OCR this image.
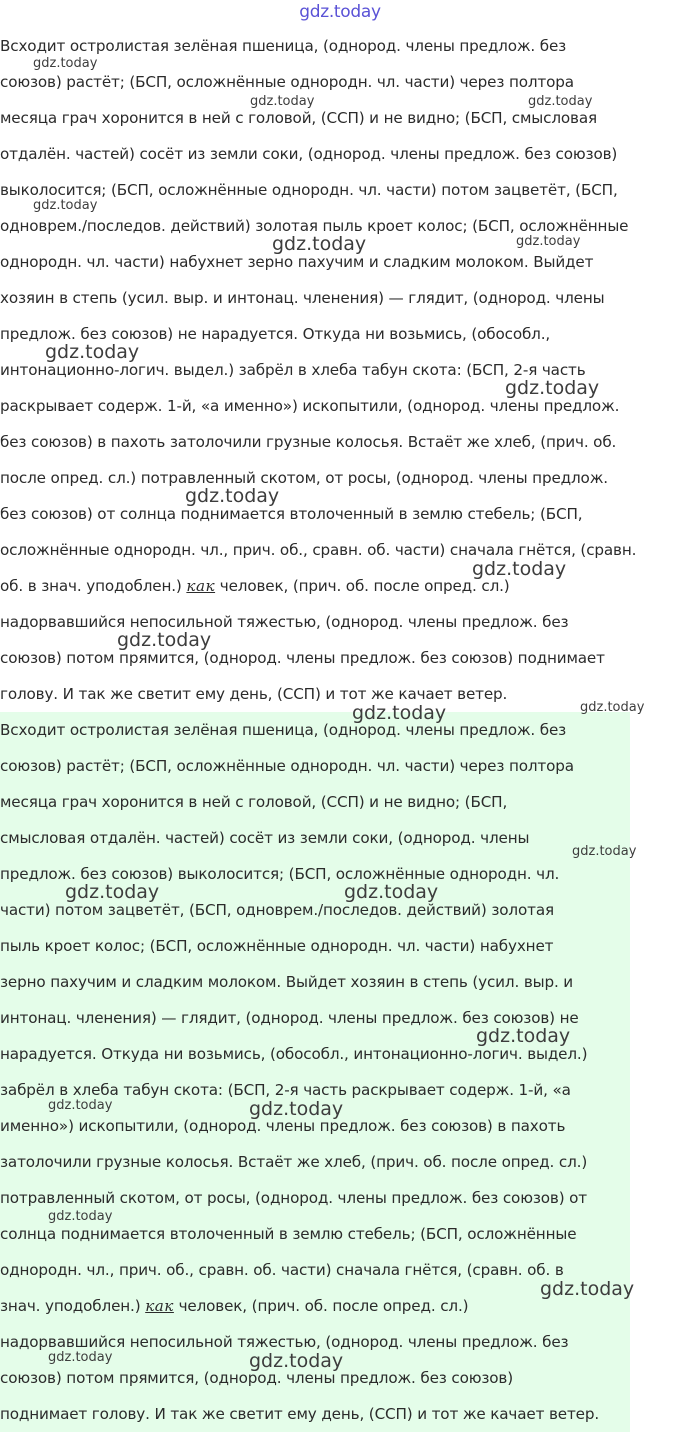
gdz.today
Всходит остролистая зелёная пшеница, (однород. члены предлож. без
союзов) растёт; (БСП, осложнённые однородн. чл. части) через полтора
месяца грач хоронится в ней с головой, (ССП) и не видно; (БСП, смысловая
отдалён. частей) сосёт из земли соки, (однород. члены предлож. без союзов)
выколосится; (БСП, осложнённые однородн. чл. части) потом зацветёт, (БСП,
одноврем./последов. действий) золотая пыль кроет колос; (БСП, осложнённые
однородн. чл. части) набухнет зерно пахучим и сладким молоком. Выйдет
хозяин в степь (усил. выр. и интонац. членения) — глядит, (однород. члены
предлож. без союзов) не нарадуется. Откуда ни возьмись, (обособл.,
интонационно-логич. выдел.) забрёл в хлеба табун скота: (БСП, 2-я часть
раскрывает содерж. 1-й, «а именно») ископытили, (однород. члены предлож.
без союзов) в пахоть затолочили грузные колосья. Встаёт же хлеб, (прич. об.
после опред. сл.) потравленный скотом, от росы, (однород. члены предлож.
без союзов) от солнца поднимается втолоченный в землю стебель; (БСП,
осложнённые однородн. чл., прич. об., сравн. об. части) сначала гнётся, (сравн.
об. в знач. уподоблен.) как человек, (прич. об. после опред. сл.)
надорвавшийся непосильной тяжестью, (однород. члены предлож. без
союзов) потом прямится, (однород. члены предлож. без союзов) поднимает
голову. И так же светит ему день, (ССП) и тот же качает ветер.
Всходит остролистая зелёная пшеница, (однород. члены предлож. без
союзов) растёт; (БСП, осложнённые однородн. чл. части) через полтора
месяца грач хоронится в ней с головой, (ССП) и не видно; (БСП,
смысловая отдалён. частей) сосёт из земли соки, (однород. члены
предлож. без союзов) выколосится; (БСП, осложнённые однородн. чл.
части) потом зацветёт, (БСП, одноврем./последов. действий) золотая
пыль кроет колос; (БСП, осложнённые однородн. чл. части) набухнет
зерно пахучим и сладким молоком. Выйдет хозяин в степь (усил. выр. и
интонац. членения) — глядит, (однород. члены предлож. без союзов) не
нарадуется. Откуда ни возьмись, (обособл., интонационно-логич. выдел.)
забрёл в хлеба табун скота: (БСП, 2-я часть раскрывает содерж. 1-й, «а
именно») ископытили, (однород. члены предлож. без союзов) в пахоть
затолочили грузные колосья. Встаёт же хлеб, (прич. об. после опред. сл.)
потравленный скотом, от росы, (однород. члены предлож. без союзов) от
солнца поднимается втолоченный в землю стебель; (БСП, осложнённые
однородн. чл., прич. об., сравн. об. части) сначала гнётся, (сравн. об. в
знач. уподоблен.) как человек, (прич. об. после опред. сл.)
надорвавшийся непосильной тяжестью, (однород. члены предлож. без
союзов) потом прямится, (однород. члены предлож. без союзов)
поднимает голову. И так же светит ему день, (ССП) и тот же качает ветер.
gdz.today
gdz.today	gdz.today
gdz.today
gdz.today	gdz.today
gdz.today
gdz.today
gdz.today
gdz.today
gdz.today
gdz.today	gdz.today
gdz.today
gdz.today	gdz.today
gdz.today
gdz.today	gdz.today
gdz.today
gdz.today
gdz.today	gdz.today
